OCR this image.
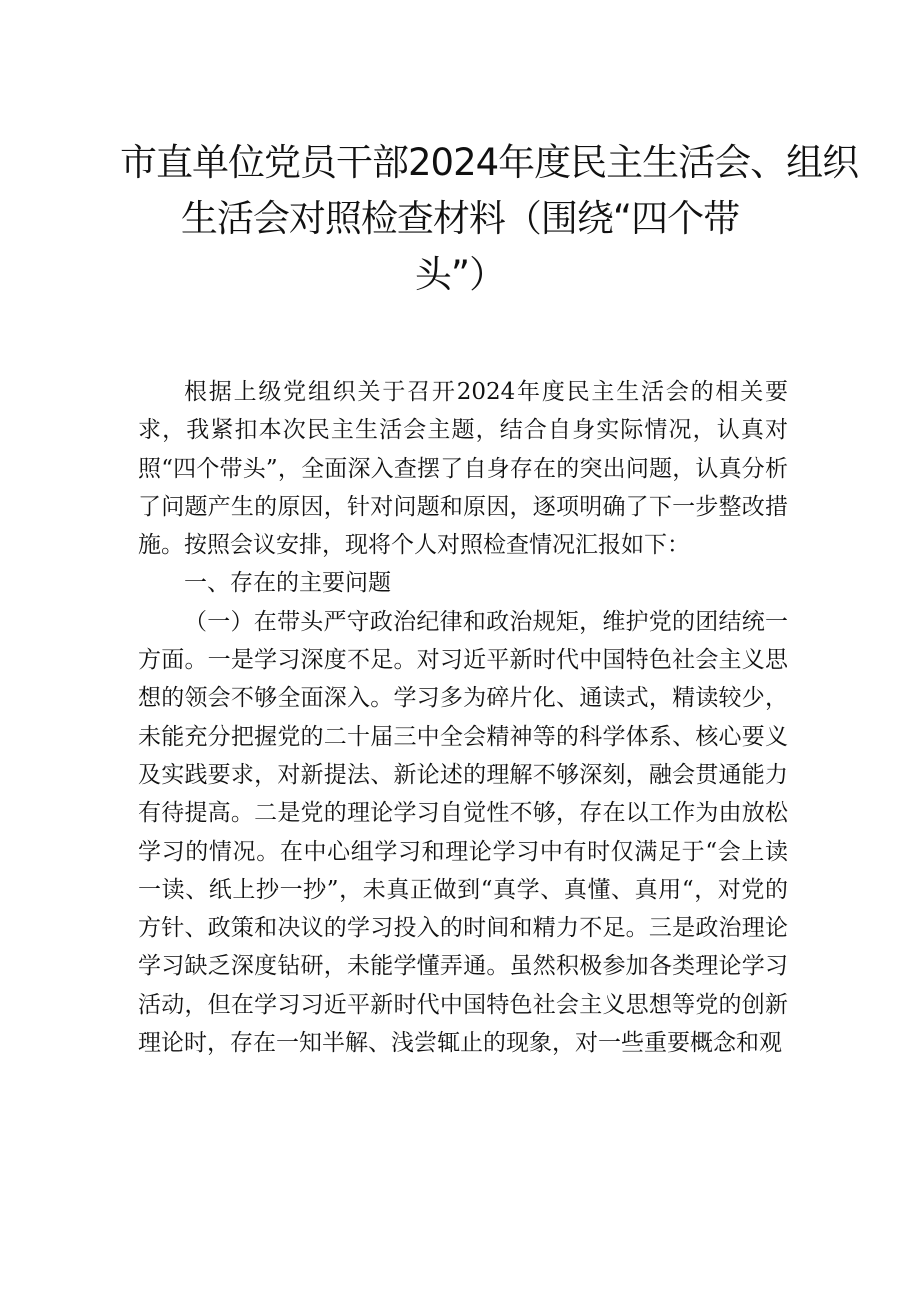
市直单位党员干部2024年度民主生活会、组织
生活会对照检查材料（围绕“四个带
头”）

根据上级党组织关于召开2024年度民主生活会的相关要求，我紧扣本次民主生活会主题，结合自身实际情况，认真对照“四个带头”，全面深入查摆了自身存在的突出问题，认真分析了问题产生的原因，针对问题和原因，逐项明确了下一步整改措施。按照会议安排，现将个人对照检查情况汇报如下：

一、存在的主要问题

（一）在带头严守政治纪律和政治规矩，维护党的团结统一方面。一是学习深度不足。对习近平新时代中国特色社会主义思想的领会不够全面深入。学习多为碎片化、通读式，精读较少，未能充分把握党的二十届三中全会精神等的科学体系、核心要义及实践要求，对新提法、新论述的理解不够深刻，融会贯通能力有待提高。二是党的理论学习自觉性不够，存在以工作为由放松学习的情况。在中心组学习和理论学习中有时仅满足于“会上读一读、纸上抄一抄”，未真正做到“真学、真懂、真用“，对党的方针、政策和决议的学习投入的时间和精力不足。三是政治理论学习缺乏深度钻研，未能学懂弄通。虽然积极参加各类理论学习活动，但在学习习近平新时代中国特色社会主义思想等党的创新理论时，存在一知半解、浅尝辄止的现象，对一些重要概念和观
